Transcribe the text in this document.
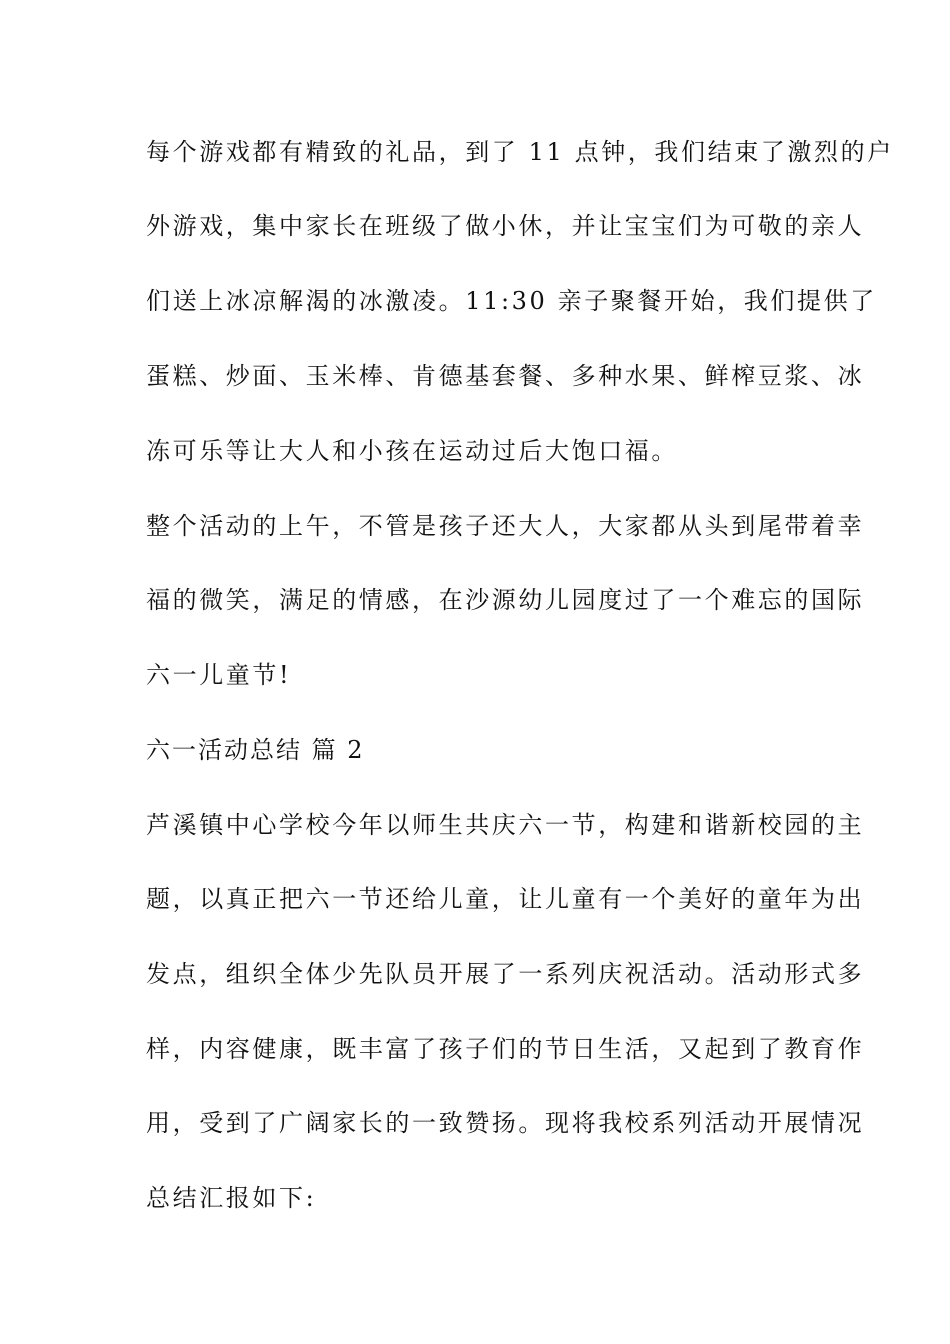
每个游戏都有精致的礼品，到了 11 点钟，我们结束了激烈的户

外游戏，集中家长在班级了做小休，并让宝宝们为可敬的亲人

们送上冰凉解渴的冰激凌。11:30 亲子聚餐开始，我们提供了

蛋糕、炒面、玉米棒、肯德基套餐、多种水果、鲜榨豆浆、冰

冻可乐等让大人和小孩在运动过后大饱口福。

整个活动的上午，不管是孩子还大人，大家都从头到尾带着幸

福的微笑，满足的情感，在沙源幼儿园度过了一个难忘的国际

六一儿童节!

六一活动总结 篇 2

芦溪镇中心学校今年以师生共庆六一节，构建和谐新校园的主

题，以真正把六一节还给儿童，让儿童有一个美好的童年为出

发点，组织全体少先队员开展了一系列庆祝活动。活动形式多

样，内容健康，既丰富了孩子们的节日生活，又起到了教育作

用，受到了广阔家长的一致赞扬。现将我校系列活动开展情况

总结汇报如下:
